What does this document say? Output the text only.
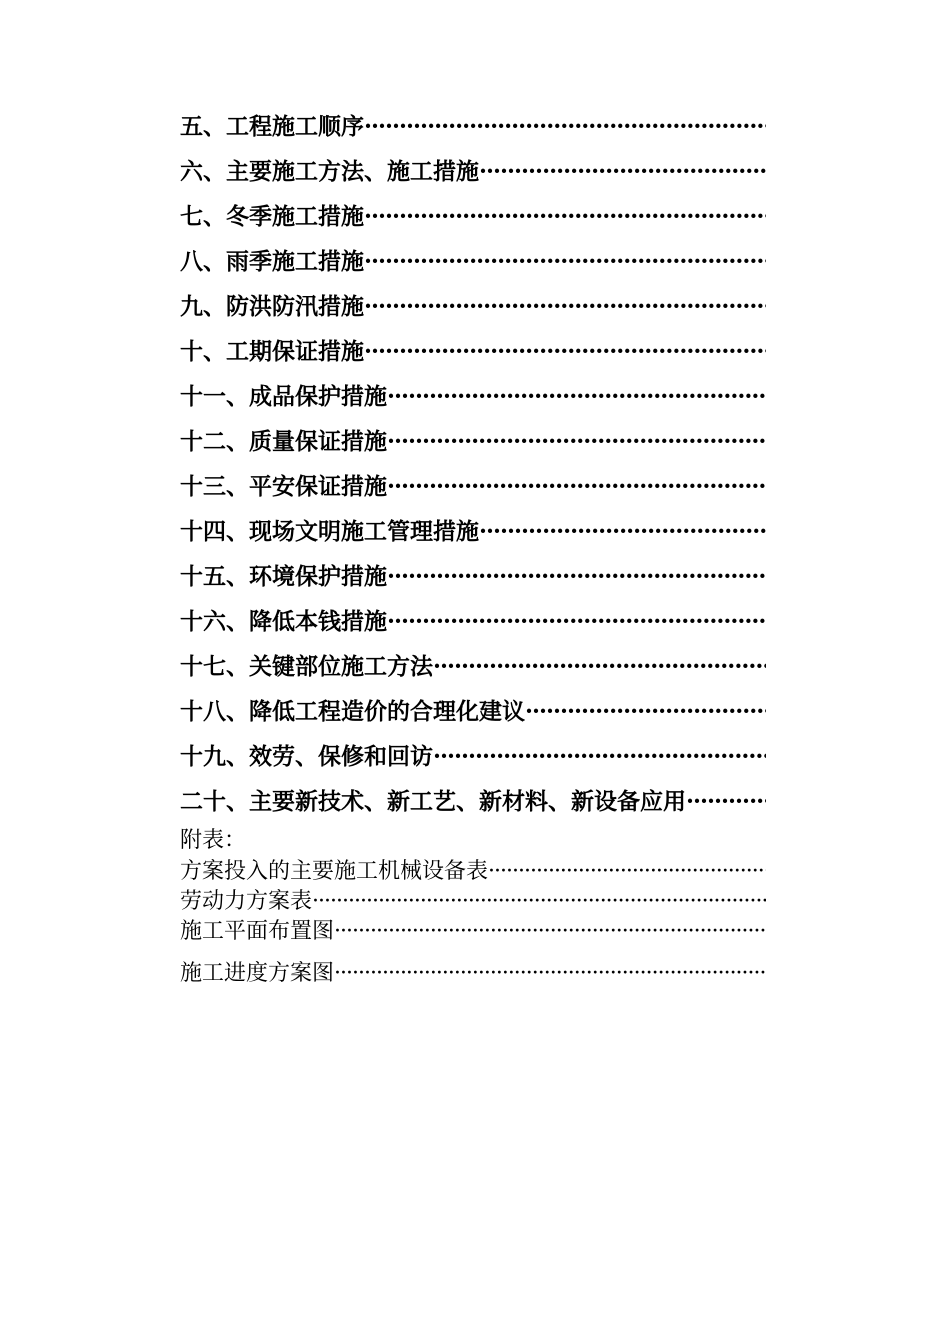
五、工程施工顺序
·····
六、主要施工方法、施工措施
·····
七、冬季施工措施
·····
八、雨季施工措施
·····
九、防洪防汛措施
·····
十、工期保证措施
·····
十一、成品保护措施
·····
十二、质量保证措施
·····
十三、平安保证措施
·····
十四、现场文明施工管理措施
·····
十五、环境保护措施
·····
十六、降低本钱措施
·····
十七、关键部位施工方法
·····
十八、降低工程造价的合理化建议
·····
十九、效劳、保修和回访
·····
二十、主要新技术、新工艺、新材料、新设备应用
·····
附表：
方案投入的主要施工机械设备表
·····
劳动力方案表
·····
施工平面布置图
·····
施工进度方案图
·····
